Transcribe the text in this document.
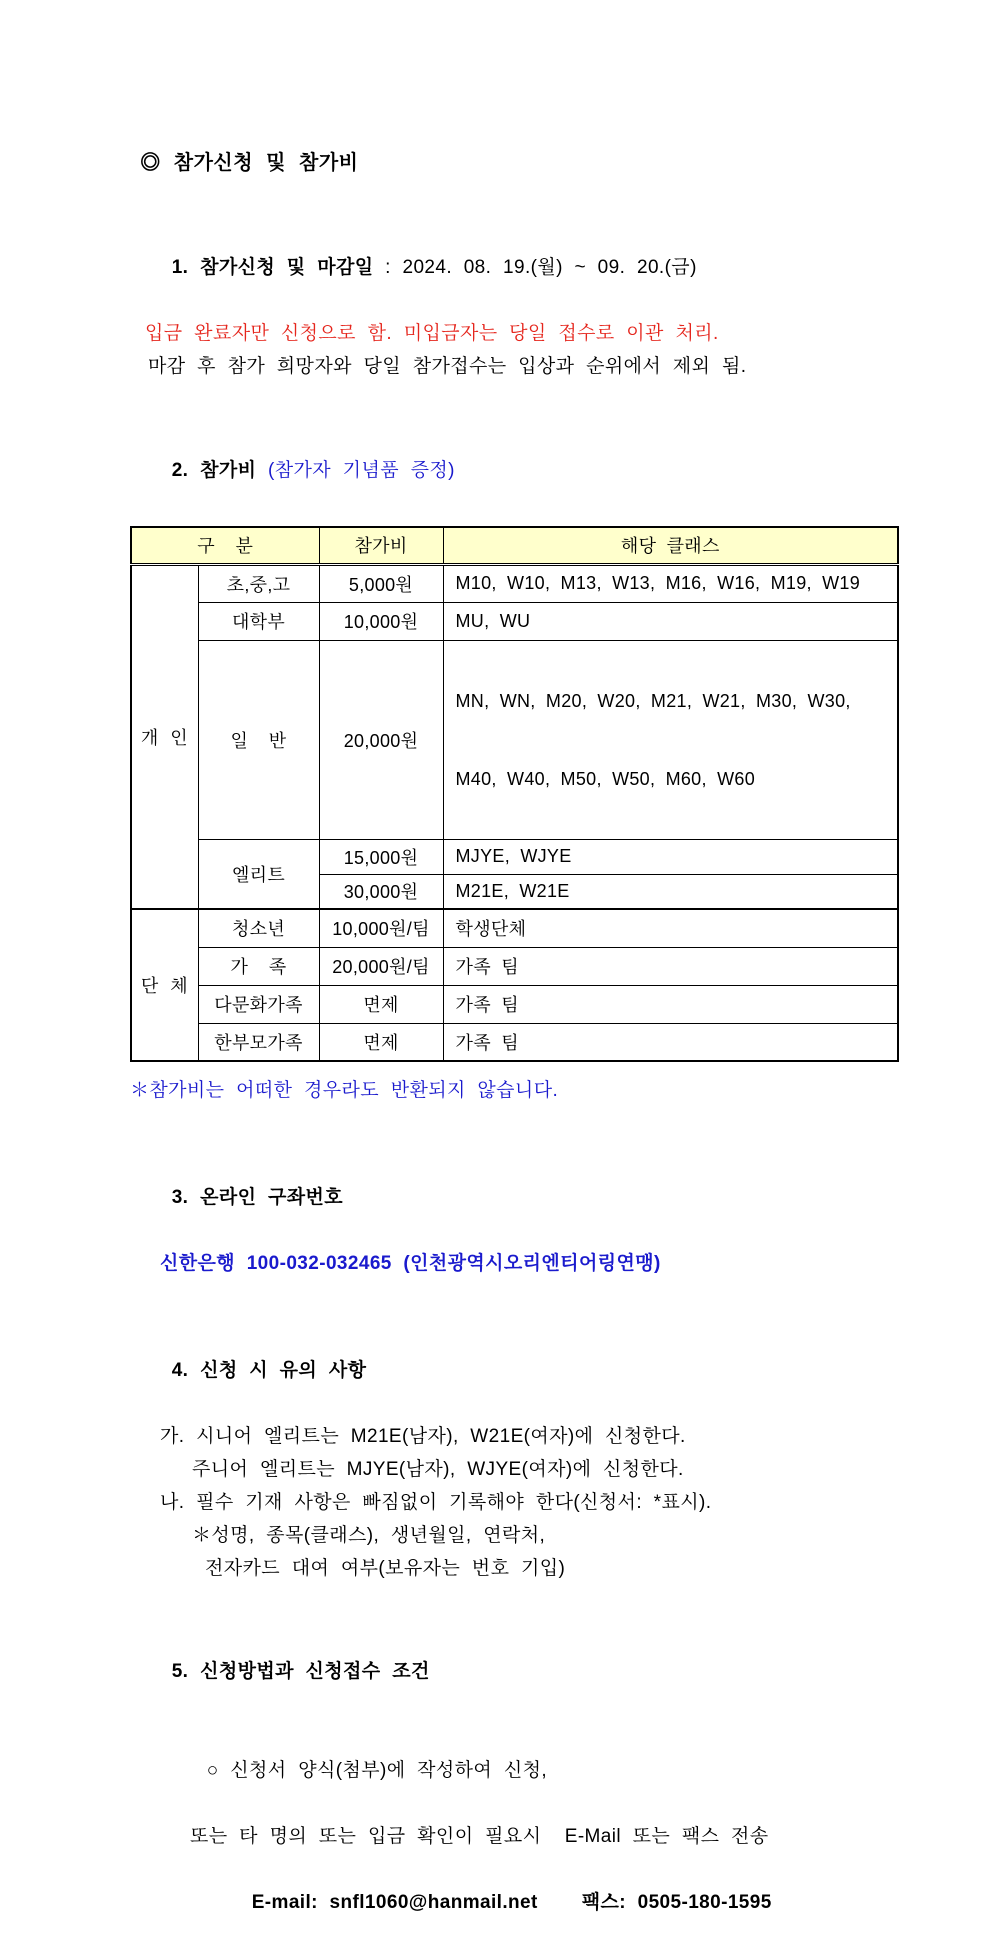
◎ 참가신청 및 참가비

1. 참가신청 및 마감일 : 2024. 08. 19.(월) ~ 09. 20.(금)

입금 완료자만 신청으로 함. 미입금자는 당일 접수로 이관 처리.
마감 후 참가 희망자와 당일 참가접수는 입상과 순위에서 제외 됨.

2. 참가비 (참가자 기념품 증정)

구  분		참가비	해당 클래스
개 인	초,중,고	5,000원	M10, W10, M13, W13, M16, W16, M19, W19
	대학부	10,000원	MU, WU
	일  반	20,000원	MN, WN, M20, W20, M21, W21, M30, W30,

M40, W40, M50, W50, M60, W60

	엘리트	15,000원	MJYE, WJYE
		30,000원	M21E, W21E
단 체	청소년	10,000원/팀	학생단체
	가  족	20,000원/팀	가족 팀
	다문화가족	면제	가족 팀
	한부모가족	면제	가족 팀
＊참가비는 어떠한 경우라도 반환되지 않습니다.

3. 온라인 구좌번호

신한은행 100-032-032465 (인천광역시오리엔티어링연맹)

4. 신청 시 유의 사항

가. 시니어 엘리트는 M21E(남자), W21E(여자)에 신청한다.
주니어 엘리트는 MJYE(남자), WJYE(여자)에 신청한다.
나. 필수 기재 사항은 빠짐없이 기록해야 한다(신청서: *표시).
＊성명, 종목(클래스), 생년월일, 연락처,
전자카드 대여 여부(보유자는 번호 기입)

5. 신청방법과 신청접수 조건

○ 신청서 양식(첨부)에 작성하여 신청,

또는 타 명의 또는 입금 확인이 필요시  E-Mail 또는 팩스 전송

E-mail: snfl1060@hanmail.net 팩스: 0505-180-1595
